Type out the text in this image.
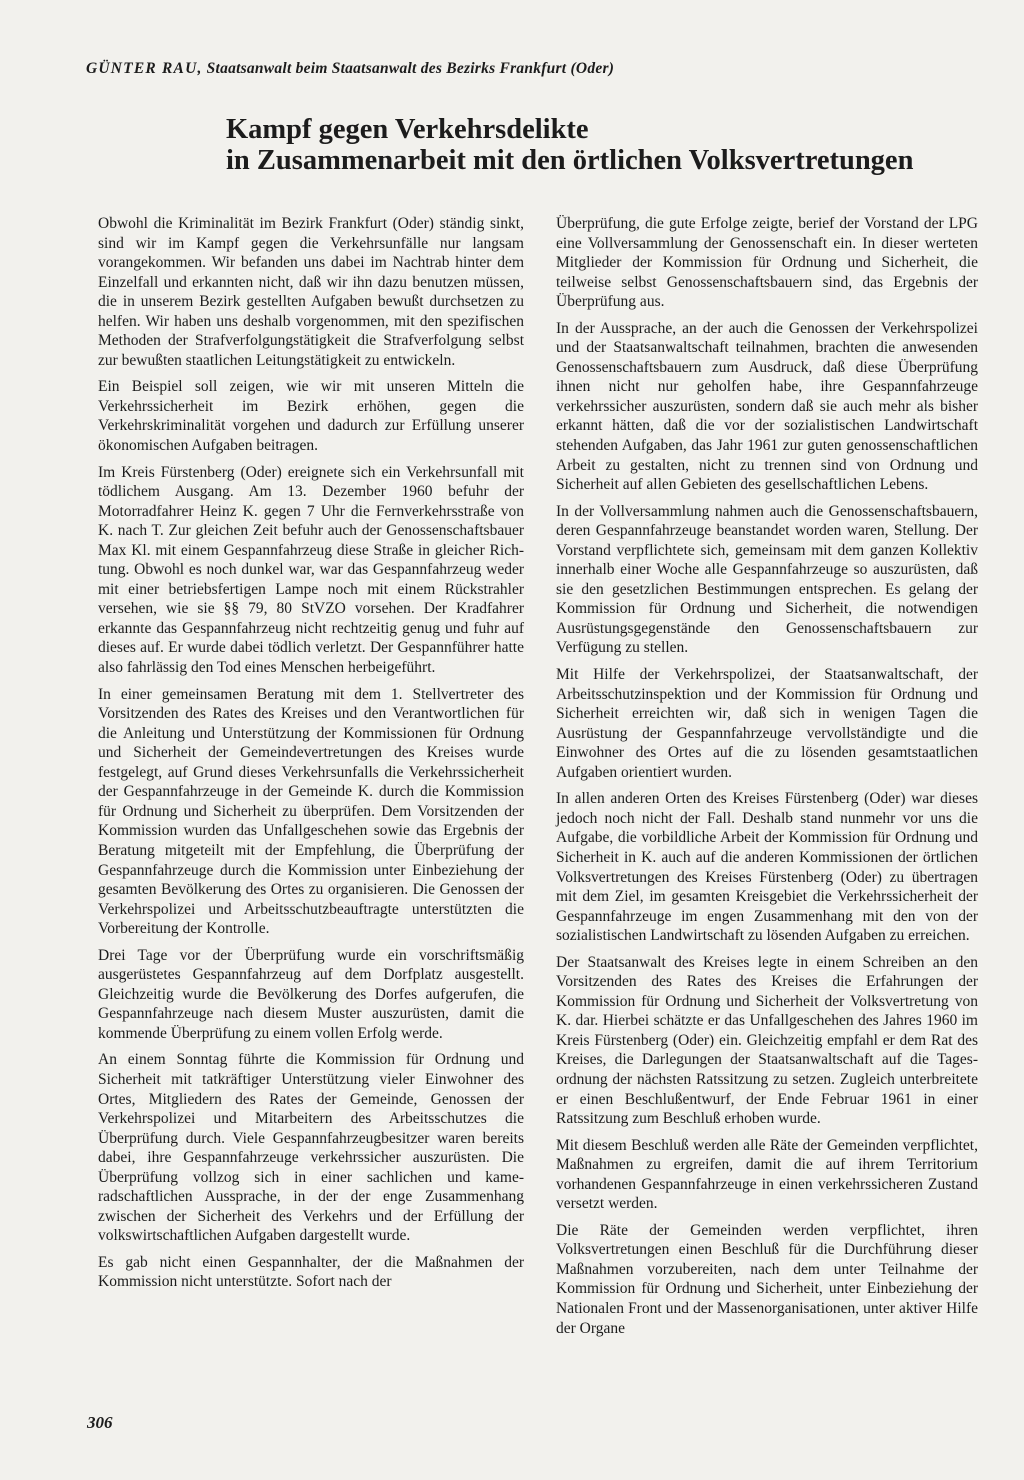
GÜNTER RAU, Staatsanwalt beim Staatsanwalt des Bezirks Frankfurt (Oder)
Kampf gegen Verkehrsdelikte
in Zusammenarbeit mit den örtlichen Volksvertretungen

Obwohl die Kriminalität im Bezirk Frankfurt (Oder) ständig sinkt, sind wir im Kampf gegen die Verkehrsunfälle nur langsam vorangekommen. Wir befanden uns dabei im Nachtrab hinter dem Einzelfall und erkannten nicht, daß wir ihn dazu benutzen müssen, die in unserem Bezirk gestellten Aufgaben bewußt durchsetzen zu helfen. Wir haben uns deshalb vorgenommen, mit den spezifischen Methoden der Strafverfolgungstätigkeit die Strafverfolgung selbst zur bewußten staatlichen Leitungstätigkeit zu entwickeln.

Ein Beispiel soll zeigen, wie wir mit unseren Mitteln die Verkehrssicherheit im Bezirk erhöhen, gegen die Verkehrskriminalität vorgehen und dadurch zur Erfüllung unserer ökonomischen Aufgaben beitragen.

Im Kreis Fürstenberg (Oder) ereignete sich ein Verkehrsunfall mit tödlichem Ausgang. Am 13. Dezember 1960 befuhr der Motorradfahrer Heinz K. gegen 7 Uhr die Fernverkehrsstraße von K. nach T. Zur gleichen Zeit befuhr auch der Genossenschaftsbauer Max Kl. mit einem Gespannfahrzeug diese Straße in gleicher Richtung. Obwohl es noch dunkel war, war das Gespannfahrzeug weder mit einer betriebsfertigen Lampe noch mit einem Rückstrahler versehen, wie sie §§ 79, 80 StVZO vorsehen. Der Kradfahrer erkannte das Gespannfahrzeug nicht rechtzeitig genug und fuhr auf dieses auf. Er wurde dabei tödlich verletzt. Der Gespannführer hatte also fahrlässig den Tod eines Menschen herbeigeführt.

In einer gemeinsamen Beratung mit dem 1. Stellvertreter des Vorsitzenden des Rates des Kreises und den Verantwortlichen für die Anleitung und Unterstützung der Kommissionen für Ordnung und Sicherheit der Gemeindevertretungen des Kreises wurde festgelegt, auf Grund dieses Verkehrsunfalls die Verkehrssicherheit der Gespannfahrzeuge in der Gemeinde K. durch die Kommission für Ordnung und Sicherheit zu überprüfen. Dem Vorsitzenden der Kommission wurden das Unfallgeschehen sowie das Ergebnis der Beratung mitgeteilt mit der Empfehlung, die Überprüfung der Gespannfahrzeuge durch die Kommission unter Einbeziehung der gesamten Bevölkerung des Ortes zu organisieren. Die Genossen der Verkehrspolizei und Arbeitsschutzbeauftragte unterstützten die Vorbereitung der Kontrolle.

Drei Tage vor der Überprüfung wurde ein vorschriftsmäßig ausgerüstetes Gespannfahrzeug auf dem Dorfplatz ausgestellt. Gleichzeitig wurde die Bevölkerung des Dorfes aufgerufen, die Gespannfahrzeuge nach diesem Muster auszurüsten, damit die kommende Überprüfung zu einem vollen Erfolg werde.

An einem Sonntag führte die Kommission für Ordnung und Sicherheit mit tatkräftiger Unterstützung vieler Einwohner des Ortes, Mitgliedern des Rates der Gemeinde, Genossen der Verkehrspolizei und Mitarbeitern des Arbeitsschutzes die Überprüfung durch. Viele Gespannfahrzeugbesitzer waren bereits dabei, ihre Gespannfahrzeuge verkehrssicher auszurüsten. Die Überprüfung vollzog sich in einer sachlichen und kameradschaftlichen Aussprache, in der der enge Zusammenhang zwischen der Sicherheit des Verkehrs und der Erfüllung der volkswirtschaftlichen Aufgaben dargestellt wurde.

Es gab nicht einen Gespannhalter, der die Maßnahmen der Kommission nicht unterstützte. Sofort nach der

Überprüfung, die gute Erfolge zeigte, berief der Vorstand der LPG eine Vollversammlung der Genossenschaft ein. In dieser werteten Mitglieder der Kommission für Ordnung und Sicherheit, die teilweise selbst Genossenschaftsbauern sind, das Ergebnis der Überprüfung aus.

In der Aussprache, an der auch die Genossen der Verkehrspolizei und der Staatsanwaltschaft teilnahmen, brachten die anwesenden Genossenschaftsbauern zum Ausdruck, daß diese Überprüfung ihnen nicht nur geholfen habe, ihre Gespannfahrzeuge verkehrssicher auszurüsten, sondern daß sie auch mehr als bisher erkannt hätten, daß die vor der sozialistischen Landwirtschaft stehenden Aufgaben, das Jahr 1961 zur guten genossenschaftlichen Arbeit zu gestalten, nicht zu trennen sind von Ordnung und Sicherheit auf allen Gebieten des gesellschaftlichen Lebens.

In der Vollversammlung nahmen auch die Genossenschaftsbauern, deren Gespannfahrzeuge beanstandet worden waren, Stellung. Der Vorstand verpflichtete sich, gemeinsam mit dem ganzen Kollektiv innerhalb einer Woche alle Gespannfahrzeuge so auszurüsten, daß sie den gesetzlichen Bestimmungen entsprechen. Es gelang der Kommission für Ordnung und Sicherheit, die notwendigen Ausrüstungsgegenstände den Genossenschaftsbauern zur Verfügung zu stellen.

Mit Hilfe der Verkehrspolizei, der Staatsanwaltschaft, der Arbeitsschutzinspektion und der Kommission für Ordnung und Sicherheit erreichten wir, daß sich in wenigen Tagen die Ausrüstung der Gespannfahrzeuge vervollständigte und die Einwohner des Ortes auf die zu lösenden gesamtstaatlichen Aufgaben orientiert wurden.

In allen anderen Orten des Kreises Fürstenberg (Oder) war dieses jedoch noch nicht der Fall. Deshalb stand nunmehr vor uns die Aufgabe, die vorbildliche Arbeit der Kommission für Ordnung und Sicherheit in K. auch auf die anderen Kommissionen der örtlichen Volksvertretungen des Kreises Fürstenberg (Oder) zu übertragen mit dem Ziel, im gesamten Kreisgebiet die Verkehrssicherheit der Gespannfahrzeuge im engen Zusammenhang mit den von der sozialistischen Landwirtschaft zu lösenden Aufgaben zu erreichen.

Der Staatsanwalt des Kreises legte in einem Schreiben an den Vorsitzenden des Rates des Kreises die Erfahrungen der Kommission für Ordnung und Sicherheit der Volksvertretung von K. dar. Hierbei schätzte er das Unfallgeschehen des Jahres 1960 im Kreis Fürstenberg (Oder) ein. Gleichzeitig empfahl er dem Rat des Kreises, die Darlegungen der Staatsanwaltschaft auf die Tagesordnung der nächsten Ratssitzung zu setzen. Zugleich unterbreitete er einen Beschlußentwurf, der Ende Februar 1961 in einer Ratssitzung zum Beschluß erhoben wurde.

Mit diesem Beschluß werden alle Räte der Gemeinden verpflichtet, Maßnahmen zu ergreifen, damit die auf ihrem Territorium vorhandenen Gespannfahrzeuge in einen verkehrssicheren Zustand versetzt werden.

Die Räte der Gemeinden werden verpflichtet, ihren Volksvertretungen einen Beschluß für die Durchführung dieser Maßnahmen vorzubereiten, nach dem unter Teilnahme der Kommission für Ordnung und Sicherheit, unter Einbeziehung der Nationalen Front und der Massenorganisationen, unter aktiver Hilfe der Organe

306
